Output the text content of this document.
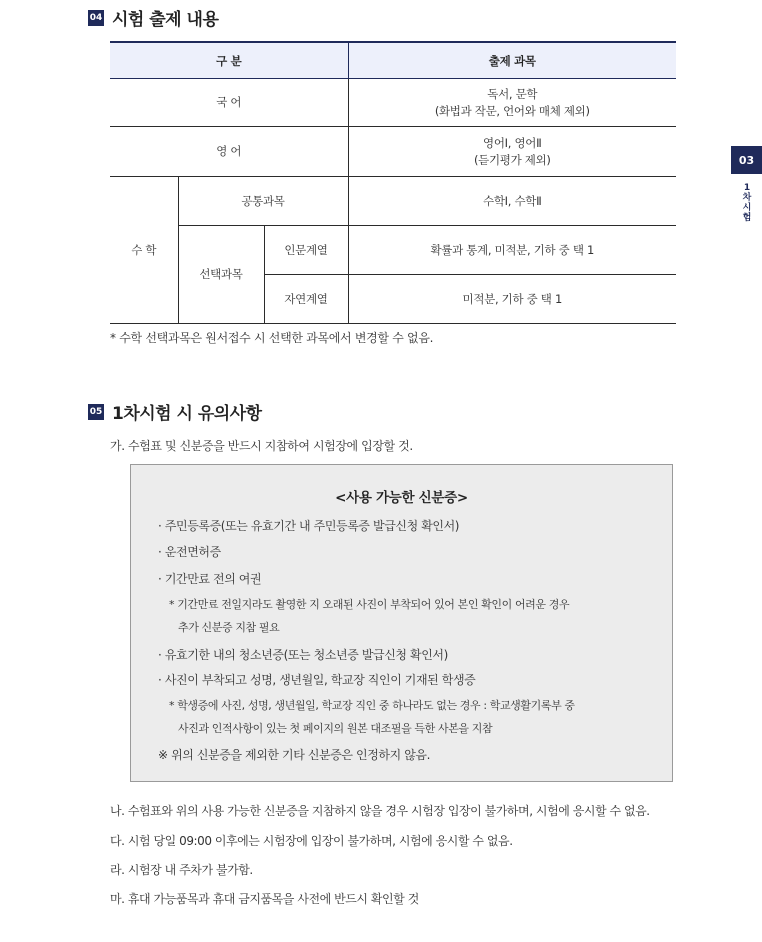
04 시험 출제 내용
구 분			출제 과목
국 어			독서, 문학
(화법과 작문, 언어와 매체 제외)

영 어			영어Ⅰ, 영어Ⅱ
(듣기평가 제외)

수 학	공통과목		수학Ⅰ, 수학Ⅱ
	선택과목	인문계열	확률과 통계, 미적분, 기하 중 택 1
		자연계열	미적분, 기하 중 택 1
* 수학 선택과목은 원서접수 시 선택한 과목에서 변경할 수 없음.
05 1차시험 시 유의사항
가. 수험표 및 신분증을 반드시 지참하여 시험장에 입장할 것.
<사용 가능한 신분증>
· 주민등록증(또는 유효기간 내 주민등록증 발급신청 확인서)
· 운전면허증
· 기간만료 전의 여권
* 기간만료 전일지라도 촬영한 지 오래된 사진이 부착되어 있어 본인 확인이 어려운 경우
추가 신분증 지참 필요
· 유효기한 내의 청소년증(또는 청소년증 발급신청 확인서)
· 사진이 부착되고 성명, 생년월일, 학교장 직인이 기재된 학생증
* 학생증에 사진, 성명, 생년월일, 학교장 직인 중 하나라도 없는 경우 : 학교생활기록부 중
사진과 인적사항이 있는 첫 페이지의 원본 대조필을 득한 사본을 지참
※ 위의 신분증을 제외한 기타 신분증은 인정하지 않음.
나. 수험표와 위의 사용 가능한 신분증을 지참하지 않을 경우 시험장 입장이 불가하며, 시험에 응시할 수 없음.
다. 시험 당일 09:00 이후에는 시험장에 입장이 불가하며, 시험에 응시할 수 없음.
라. 시험장 내 주차가 불가함.
마. 휴대 가능품목과 휴대 금지품목을 사전에 반드시 확인할 것
03
1차시험
